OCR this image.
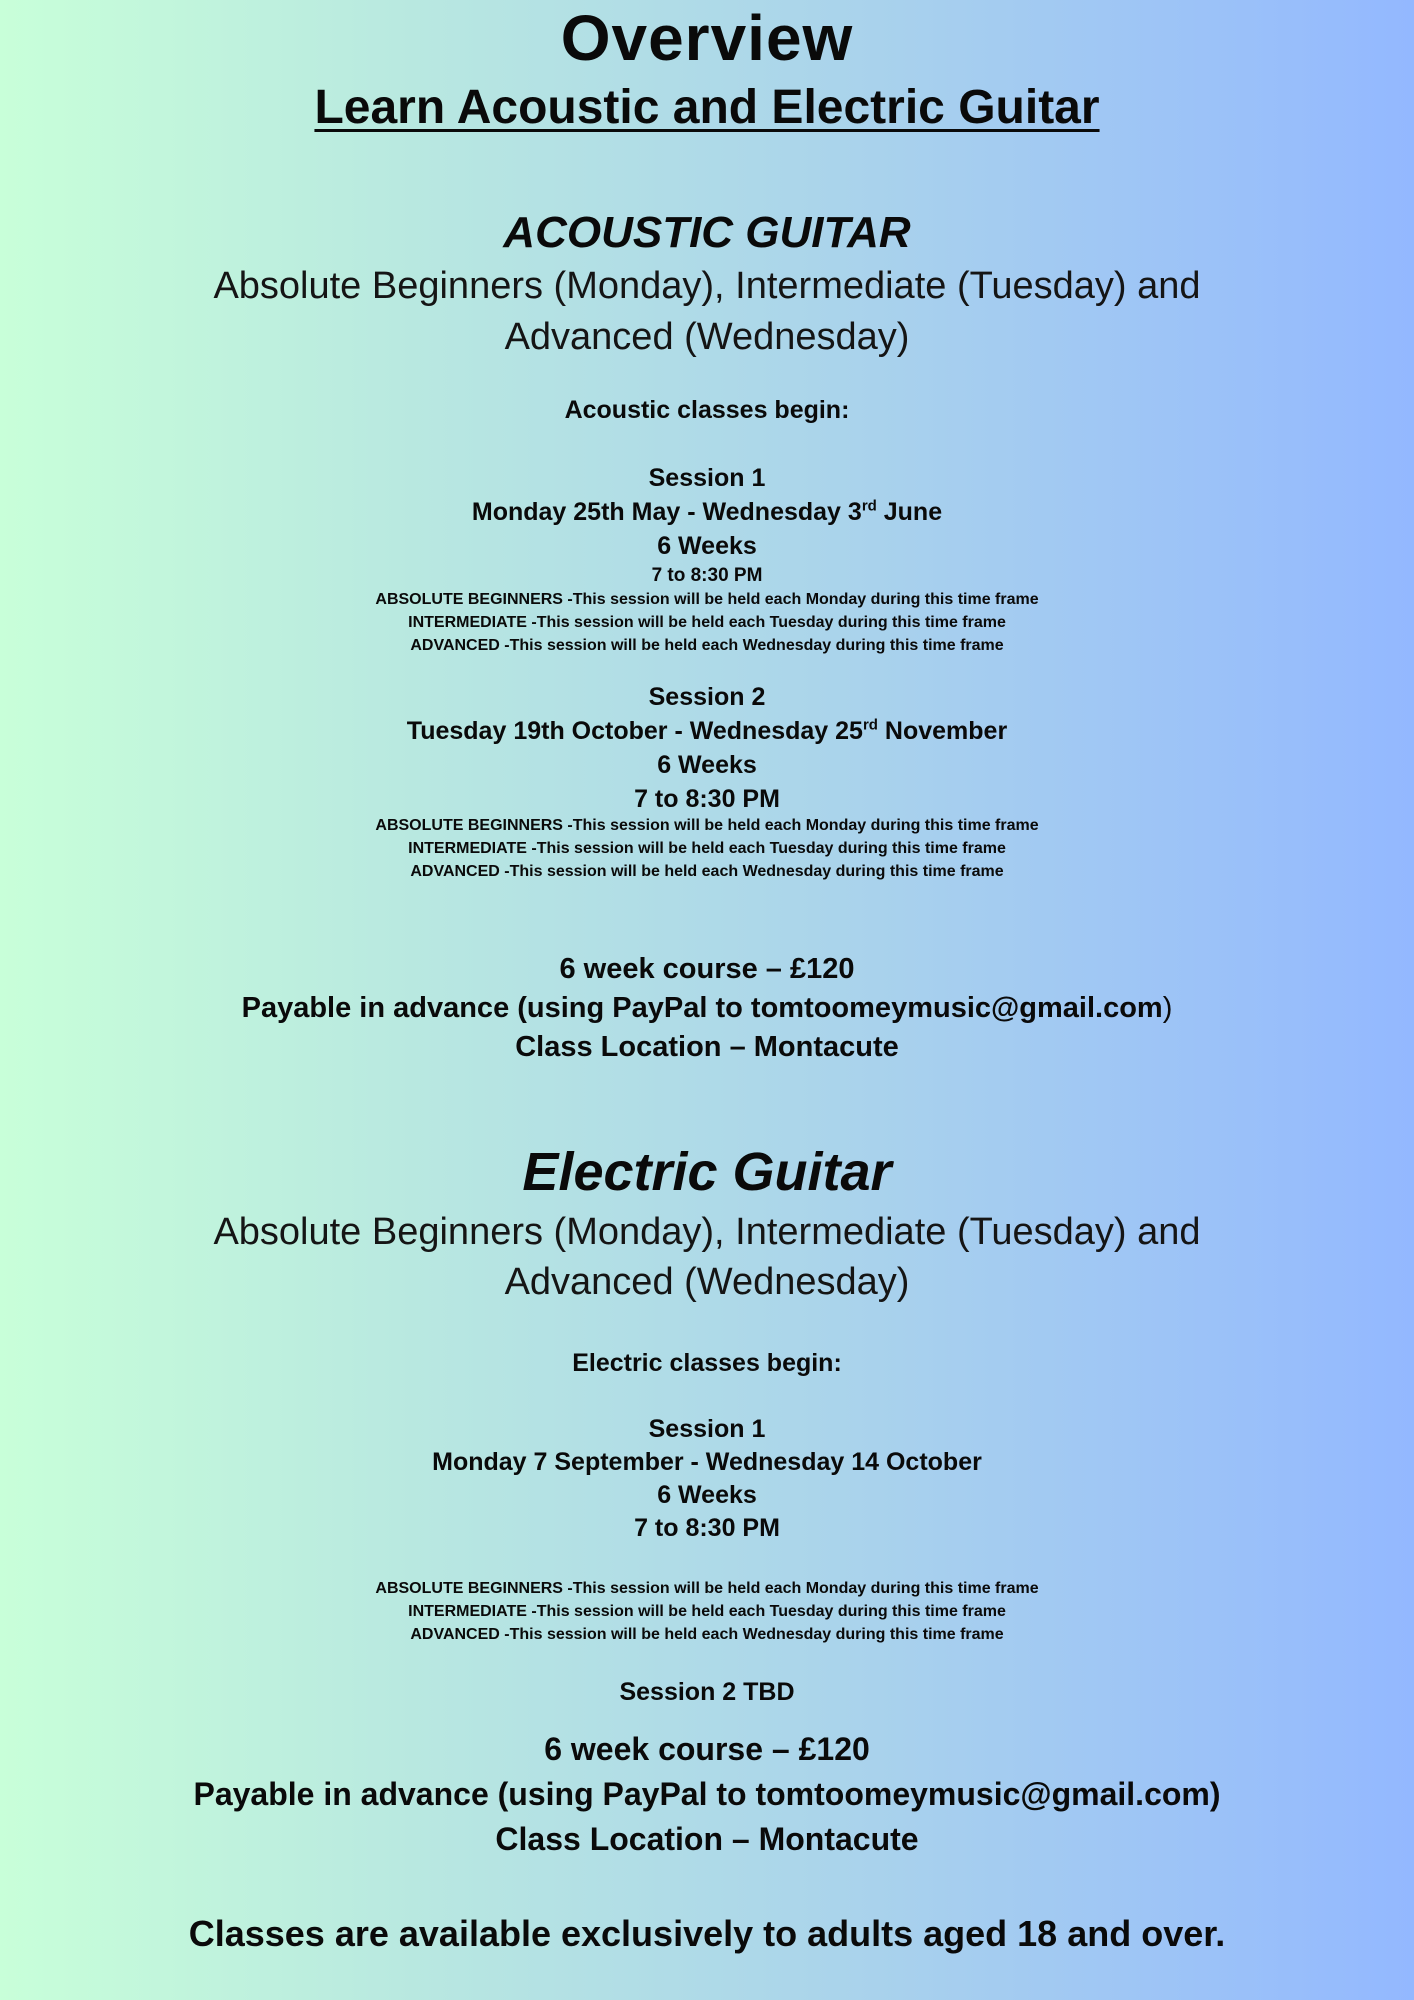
Overview
Learn Acoustic and Electric Guitar
ACOUSTIC GUITAR

Absolute Beginners (Monday), Intermediate (Tuesday) and

Advanced (Wednesday)

Acoustic classes begin:

Session 1

Monday 25th May - Wednesday 3rd June

6 Weeks

7 to 8:30 PM

ABSOLUTE BEGINNERS -This session will be held each Monday during this time frame

INTERMEDIATE -This session will be held each Tuesday during this time frame

ADVANCED -This session will be held each Wednesday during this time frame

Session 2

Tuesday 19th October - Wednesday 25rd November

6 Weeks

7 to 8:30 PM

ABSOLUTE BEGINNERS -This session will be held each Monday during this time frame

INTERMEDIATE -This session will be held each Tuesday during this time frame

ADVANCED -This session will be held each Wednesday during this time frame

6 week course – £120

Payable in advance (using PayPal to tomtoomeymusic@gmail.com)

Class Location – Montacute

Electric Guitar

Absolute Beginners (Monday), Intermediate (Tuesday) and

Advanced (Wednesday)

Electric classes begin:

Session 1

Monday 7 September - Wednesday 14 October

6 Weeks

7 to 8:30 PM

ABSOLUTE BEGINNERS -This session will be held each Monday during this time frame

INTERMEDIATE -This session will be held each Tuesday during this time frame

ADVANCED -This session will be held each Wednesday during this time frame

Session 2 TBD

6 week course – £120

Payable in advance (using PayPal to tomtoomeymusic@gmail.com)

Class Location – Montacute

Classes are available exclusively to adults aged 18 and over.
